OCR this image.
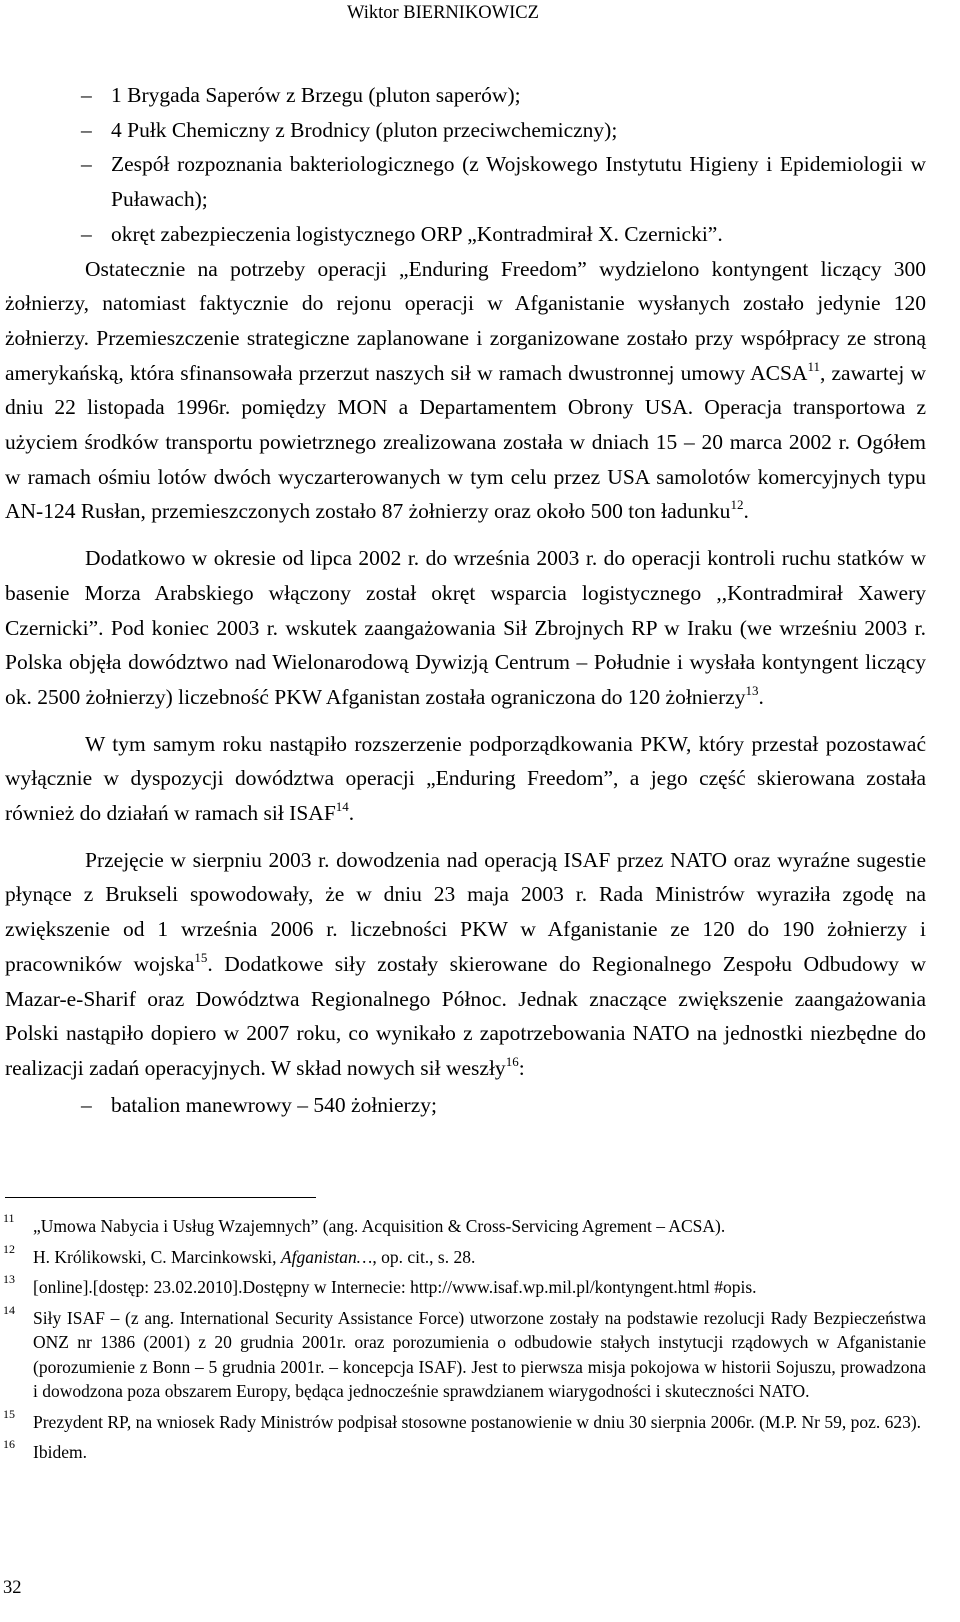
Wiktor BIERNIKOWICZ

– 1 Brygada Saperów z Brzegu (pluton saperów);

– 4 Pułk Chemiczny z Brodnicy (pluton przeciwchemiczny);

– Zespół rozpoznania bakteriologicznego (z Wojskowego Instytutu Higieny i Epidemiologii w Puławach);

– okręt zabezpieczenia logistycznego ORP „Kontradmirał X. Czernicki”.

Ostatecznie na potrzeby operacji „Enduring Freedom” wydzielono kontyngent liczący 300 żołnierzy, natomiast faktycznie do rejonu operacji w Afganistanie wysłanych zostało jedynie 120 żołnierzy. Przemieszczenie strategiczne zaplanowane i zorganizowane zostało przy współpracy ze stroną amerykańską, która sfinansowała przerzut naszych sił w ramach dwustronnej umowy ACSA$^{11}$, zawartej w dniu 22 listopada 1996r. pomiędzy MON a Departamentem Obrony USA. Operacja transportowa z użyciem środków transportu powietrznego zrealizowana została w dniach 15 – 20 marca 2002 r. Ogółem w ramach ośmiu lotów dwóch wyczarterowanych w tym celu przez USA samolotów komercyjnych typu AN-124 Rusłan, przemieszczonych zostało 87 żołnierzy oraz około 500 ton ładunku$^{12}$.

Dodatkowo w okresie od lipca 2002 r. do września 2003 r. do operacji kontroli ruchu statków w basenie Morza Arabskiego włączony został okręt wsparcia logistycznego ,,Kontradmirał Xawery Czernicki”. Pod koniec 2003 r. wskutek zaangażowania Sił Zbrojnych RP w Iraku (we wrześniu 2003 r. Polska objęła dowództwo nad Wielonarodową Dywizją Centrum – Południe i wysłała kontyngent liczący ok. 2500 żołnierzy) liczebność PKW Afganistan została ograniczona do 120 żołnierzy$^{13}$.

W tym samym roku nastąpiło rozszerzenie podporządkowania PKW, który przestał pozostawać wyłącznie w dyspozycji dowództwa operacji „Enduring Freedom”, a jego część skierowana została również do działań w ramach sił ISAF$^{14}$.

Przejęcie w sierpniu 2003 r. dowodzenia nad operacją ISAF przez NATO oraz wyraźne sugestie płynące z Brukseli spowodowały, że w dniu 23 maja 2003 r. Rada Ministrów wyraziła zgodę na zwiększenie od 1 września 2006 r. liczebności PKW w Afganistanie ze 120 do 190 żołnierzy i pracowników wojska$^{15}$. Dodatkowe siły zostały skierowane do Regionalnego Zespołu Odbudowy w Mazar-e-Sharif oraz Dowództwa Regionalnego Północ. Jednak znaczące zwiększenie zaangażowania Polski nastąpiło dopiero w 2007 roku, co wynikało z zapotrzebowania NATO na jednostki niezbędne do realizacji zadań operacyjnych. W skład nowych sił weszły$^{16}$:

– batalion manewrowy – 540 żołnierzy;

11 „Umowa Nabycia i Usług Wzajemnych” (ang. Acquisition & Cross-Servicing Agrement – ACSA).

12 H. Królikowski, C. Marcinkowski, Afganistan…, op. cit., s. 28.

13 [online].[dostęp: 23.02.2010].Dostępny w Internecie: http://www.isaf.wp.mil.pl/kontyngent.html #opis.

14 Siły ISAF – (z ang. International Security Assistance Force) utworzone zostały na podstawie rezolucji Rady Bezpieczeństwa ONZ nr 1386 (2001) z 20 grudnia 2001r. oraz porozumienia o odbudowie stałych instytucji rządowych w Afganistanie (porozumienie z Bonn – 5 grudnia 2001r. – koncepcja ISAF). Jest to pierwsza misja pokojowa w historii Sojuszu, prowadzona i dowodzona poza obszarem Europy, będąca jednocześnie sprawdzianem wiarygodności i skuteczności NATO.

15 Prezydent RP, na wniosek Rady Ministrów podpisał stosowne postanowienie w dniu 30 sierpnia 2006r. (M.P. Nr 59, poz. 623).

16 Ibidem.

32
